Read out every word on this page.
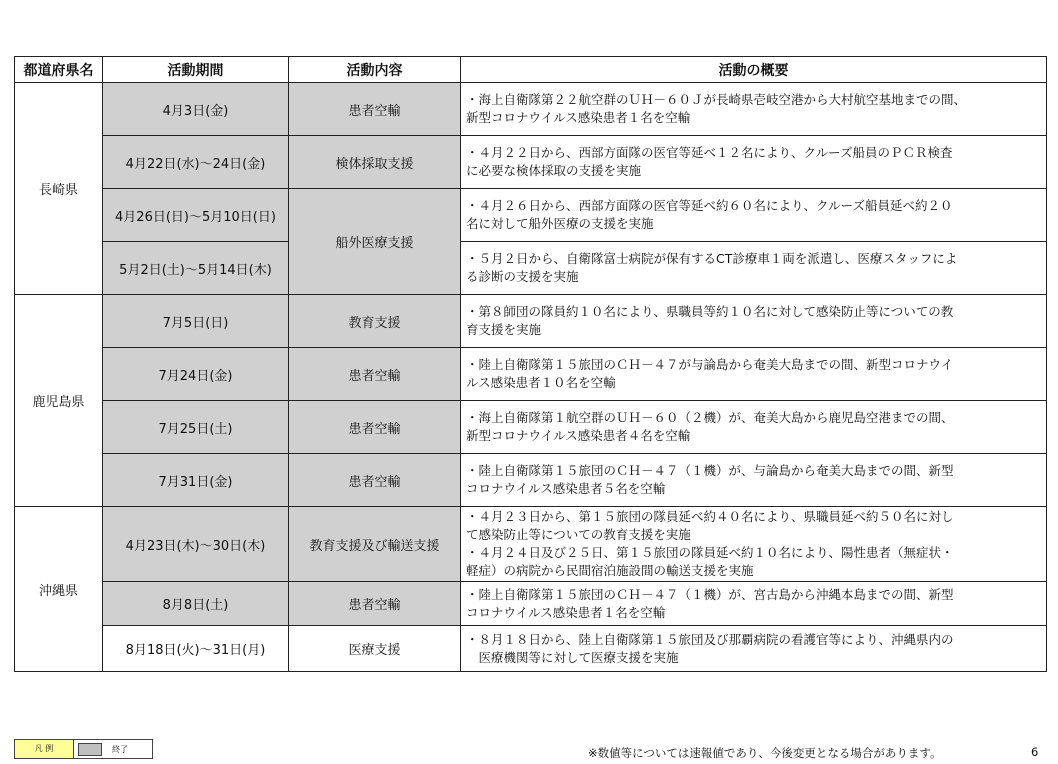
都道府県名	活動期間	活動内容	活動の概要
長崎県	4月3日(金)	患者空輸	・海上自衛隊第２２航空群のＵＨ－６０Ｊが長崎県壱岐空港から大村航空基地までの間、
新型コロナウイルス感染患者１名を空輸

	4月22日(水)～24日(金)	検体採取支援	・４月２２日から、西部方面隊の医官等延べ１２名により、クルーズ船員のＰＣＲ検査
に必要な検体採取の支援を実施

	4月26日(日)～5月10日(日)	船外医療支援	・４月２６日から、西部方面隊の医官等延べ約６０名により、クルーズ船員延べ約２０
名に対して船外医療の支援を実施

	5月2日(土)～5月14日(木)		・５月２日から、自衛隊富士病院が保有するCT診療車１両を派遣し、医療スタッフによ
る診断の支援を実施

鹿児島県	7月5日(日)	教育支援	・第８師団の隊員約１０名により、県職員等約１０名に対して感染防止等についての教
育支援を実施

	7月24日(金)	患者空輸	・陸上自衛隊第１５旅団のＣＨ－４７が与論島から奄美大島までの間、新型コロナウイ
ルス感染患者１０名を空輸

	7月25日(土)	患者空輸	・海上自衛隊第１航空群のＵＨ－６０（２機）が、奄美大島から鹿児島空港までの間、
新型コロナウイルス感染患者４名を空輸

	7月31日(金)	患者空輸	・陸上自衛隊第１５旅団のＣＨ－４７（１機）が、与論島から奄美大島までの間、新型
コロナウイルス感染患者５名を空輸

沖縄県	4月23日(木)～30日(木)	教育支援及び輸送支援	・４月２３日から、第１５旅団の隊員延べ約４０名により、県職員延べ約５０名に対し
て感染防止等についての教育支援を実施
・４月２４日及び２５日、第１５旅団の隊員延べ約１０名により、陽性患者（無症状・
軽症）の病院から民間宿泊施設間の輸送支援を実施

	8月8日(土)	患者空輸	・陸上自衛隊第１５旅団のＣＨ－４７（１機）が、宮古島から沖縄本島までの間、新型
コロナウイルス感染患者１名を空輸

	8月18日(火)～31日(月)	医療支援	・８月１８日から、陸上自衛隊第１５旅団及び那覇病院の看護官等により、沖縄県内の
　医療機関等に対して医療支援を実施
凡 例	終了	※数値等については速報値であり、今後変更となる場合があります。	6
